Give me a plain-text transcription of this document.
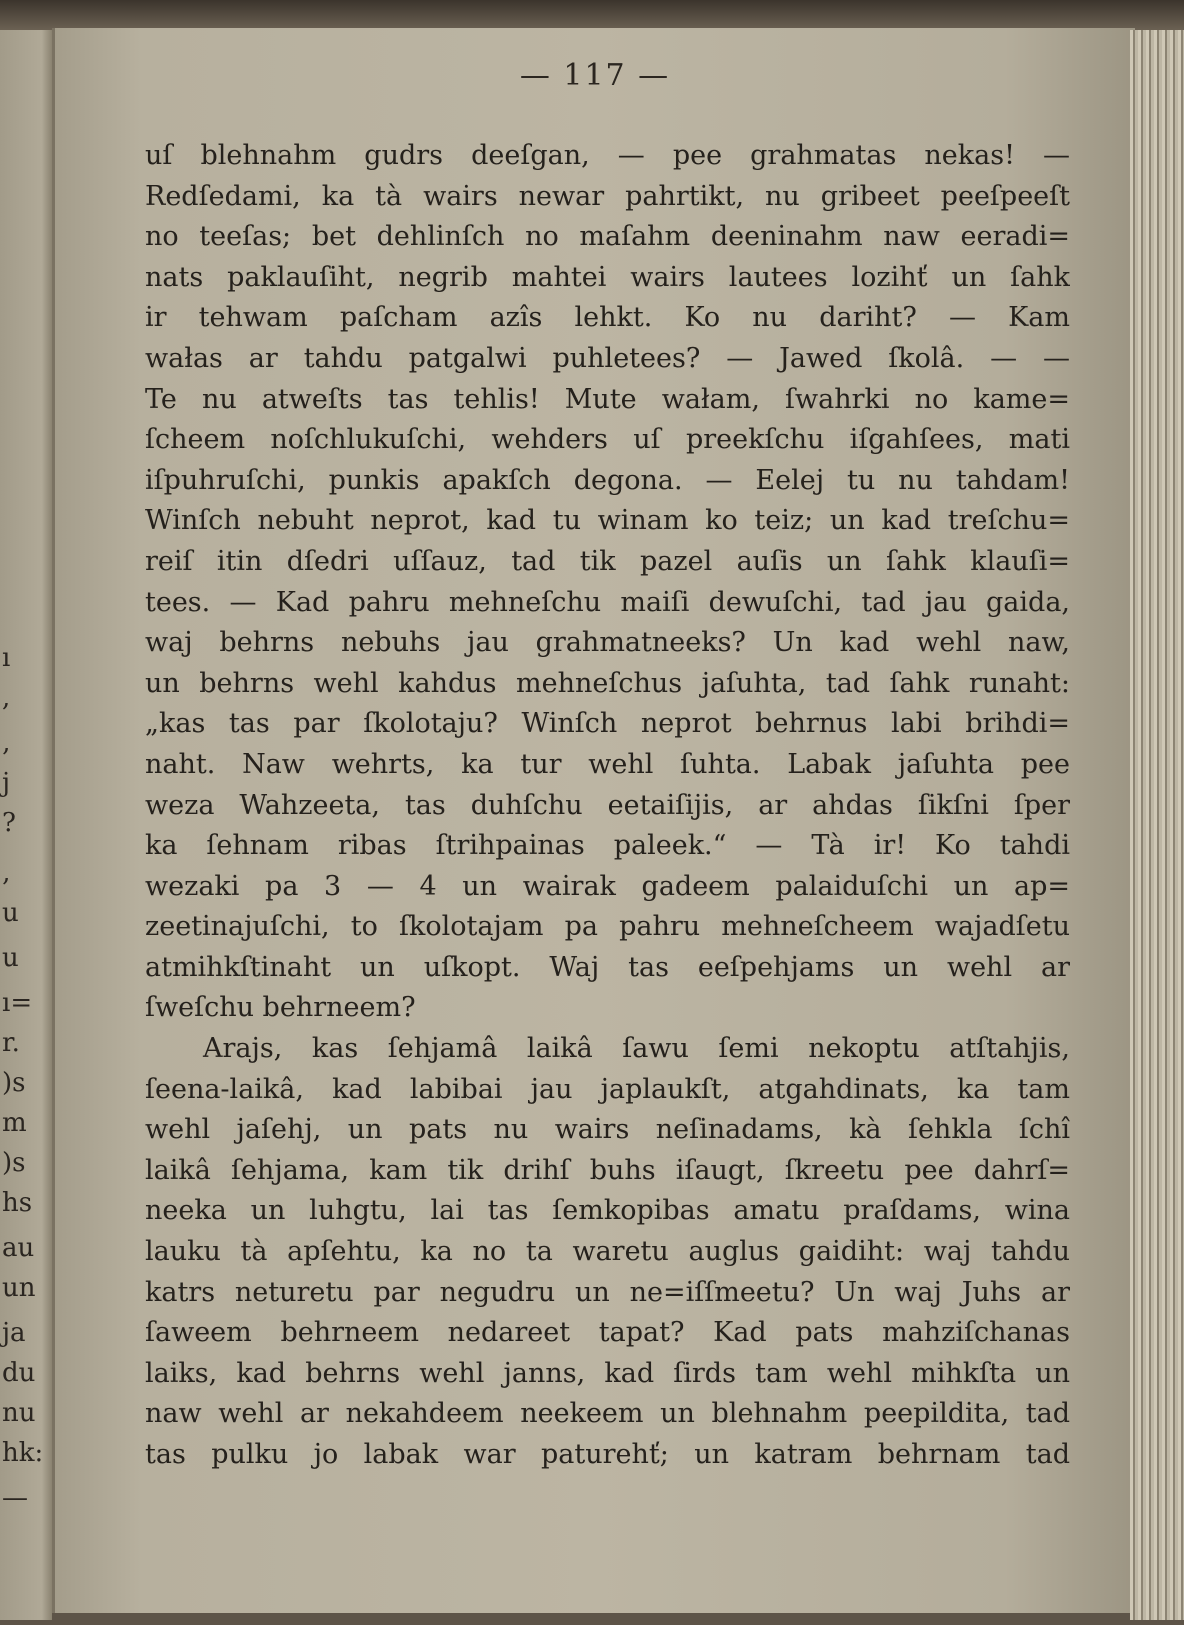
ı

,

‚

j

?

‚

u

u

ı=

r.

)s

m

)s

hs

au

un

ja

du

nu

hk:

—

— 117 —
uſ blehnahm gudrs deeſgan, — pee grahmatas nekas! —
Redſedami, ka tà wairs newar pahrtikt, nu gribeet peeſpeeſt
no teeſas; bet dehlinſch no maſahm deeninahm naw eeradi=
nats paklauſiht, negrib mahtei wairs lautees lozihť un ſahk
ir tehwam paſcham azîs lehkt. Ko nu dariht? — Kam
wałas ar tahdu patgalwi puhletees? — Jawed ſkolâ. — —
Te nu atweſts tas tehlis! Mute wałam, ſwahrki no kame=
ſcheem noſchlukuſchi, wehders uſ preekſchu iſgahſees, mati
iſpuhruſchi, punkis apakſch degona. — Eelej tu nu tahdam!
Winſch nebuht neprot, kad tu winam ko teiz; un kad treſchu=
reiſ itin dſedri uſſauz, tad tik pazel auſis un ſahk klauſi=
tees. — Kad pahru mehneſchu maiſi dewuſchi, tad jau gaida,
waj behrns nebuhs jau grahmatneeks? Un kad wehl naw,
un behrns wehl kahdus mehneſchus jaſuhta, tad ſahk runaht:
„kas tas par ſkolotaju? Winſch neprot behrnus labi brihdi=
naht. Naw wehrts, ka tur wehl ſuhta. Labak jaſuhta pee
weza Wahzeeta, tas duhſchu eetaiſijis, ar ahdas ſikſni ſper
ka ſehnam ribas ſtrihpainas paleek.“ — Tà ir! Ko tahdi
wezaki pa 3 — 4 un wairak gadeem palaiduſchi un ap=
zeetinajuſchi, to ſkolotajam pa pahru mehneſcheem wajadſetu
atmihkſtinaht un uſkopt. Waj tas eeſpehjams un wehl ar
ſweſchu behrneem?
Arajs, kas ſehjamâ laikâ ſawu ſemi nekoptu atſtahjis,
ſeena-laikâ, kad labibai jau japlaukſt, atgahdinats, ka tam
wehl jaſehj, un pats nu wairs neſinadams, kà ſehkla ſchî
laikâ ſehjama, kam tik drihſ buhs iſaugt, ſkreetu pee dahrſ=
neeka un luhgtu, lai tas ſemkopibas amatu praſdams, wina
lauku tà apſehtu, ka no ta waretu auglus gaidiht: waj tahdu
katrs neturetu par negudru un ne=iſſmeetu? Un waj Juhs ar
ſaweem behrneem nedareet tapat? Kad pats mahziſchanas
laiks, kad behrns wehl janns, kad ſirds tam wehl mihkſta un
naw wehl ar nekahdeem neekeem un blehnahm peepildita, tad
tas pulku jo labak war paturehť; un katram behrnam tad
